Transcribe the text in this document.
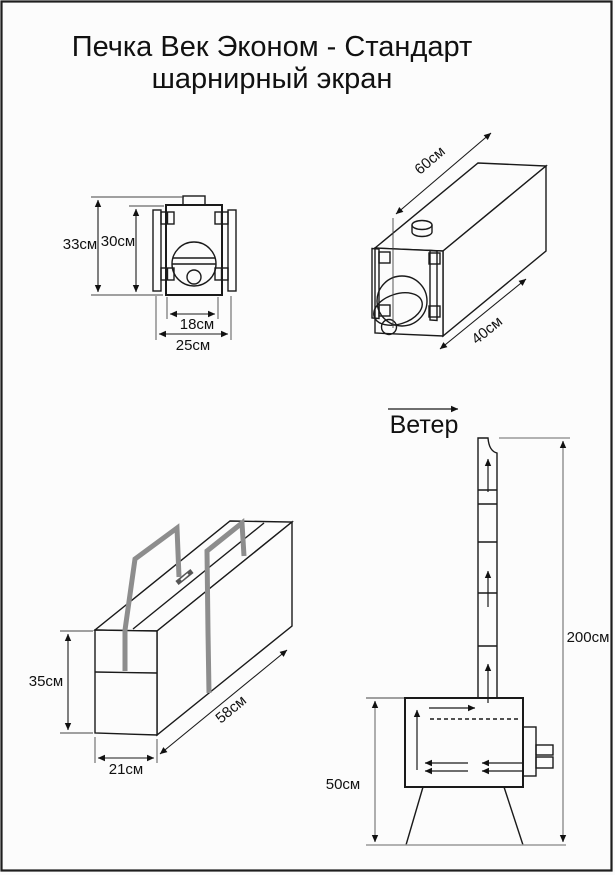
Печка Век Эконом - Стандарт
шарнирный экран
33см 30см
18см
25см
60см
40см
35см
21см
58см
Ветер
50см
200см
